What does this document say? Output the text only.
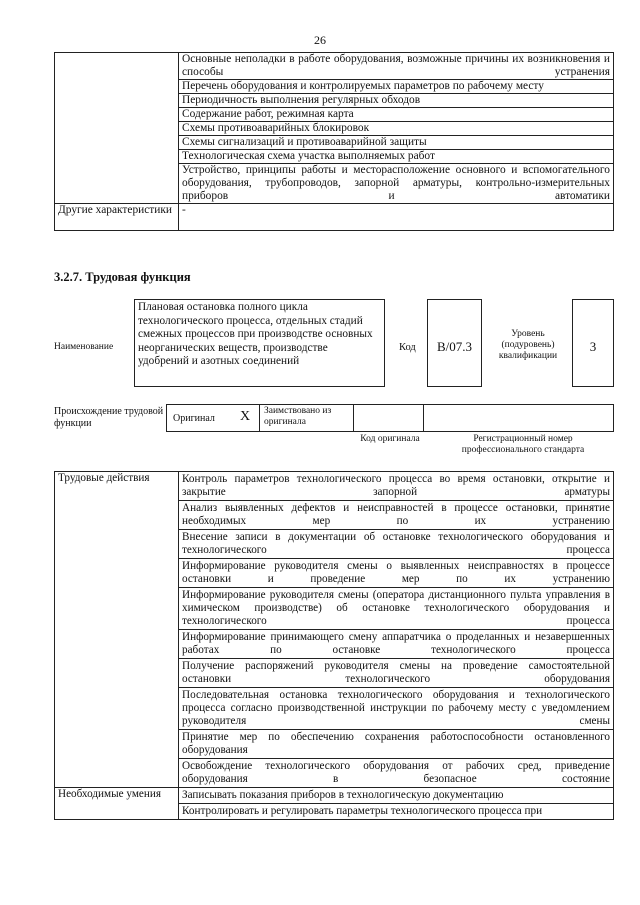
26
	Основные неполадки в работе оборудования, возможные причины их возникновения и способы устранения
	Перечень оборудования и контролируемых параметров по рабочему месту
	Периодичность выполнения регулярных обходов
	Содержание работ, режимная карта
	Схемы противоаварийных блокировок
	Схемы сигнализаций и противоаварийной защиты
	Технологическая схема участка выполняемых работ
	Устройство, принципы работы и месторасположение основного и вспомогательного оборудования, трубопроводов, запорной арматуры, контрольно-измерительных приборов и автоматики
Другие характеристики	-
3.2.7. Трудовая функция
Наименование
Плановая остановка полного цикла технологического процесса, отдельных стадий смежных процессов при производстве основных неорганических веществ, производстве удобрений и азотных соединений
Код	B/07.3
Уровень (подуровень) квалификации
3
Происхождение трудовой функции	Оригинал X Заимствовано из оригинала
Код оригинала	Регистрационный номер профессионального стандарта
Трудовые действия	Контроль параметров технологического процесса во время остановки, открытие и закрытие запорной арматуры
	Анализ выявленных дефектов и неисправностей в процессе остановки, принятие необходимых мер по их устранению
	Внесение записи в документации об остановке технологического оборудования и технологического процесса
	Информирование руководителя смены о выявленных неисправностях в процессе остановки и проведение мер по их устранению
	Информирование руководителя смены (оператора дистанционного пульта управления в химическом производстве) об остановке технологического оборудования и технологического процесса
	Информирование принимающего смену аппаратчика о проделанных и незавершенных работах по остановке технологического процесса
	Получение распоряжений руководителя смены на проведение самостоятельной остановки технологического оборудования
	Последовательная остановка технологического оборудования и технологического процесса согласно производственной инструкции по рабочему месту с уведомлением руководителя смены
	Принятие мер по обеспечению сохранения работоспособности остановленного оборудования
	Освобождение технологического оборудования от рабочих сред, приведение оборудования в безопасное состояние
Необходимые умения	Записывать показания приборов в технологическую документацию
	Контролировать и регулировать параметры технологического процесса при
